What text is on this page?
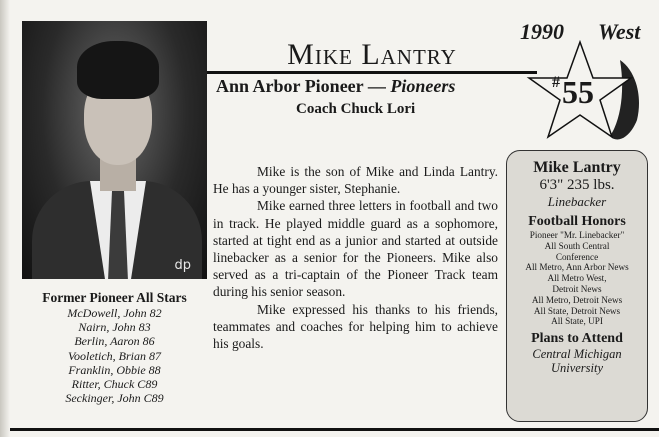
dp
1990 West
#55
Mike Lantry
Ann Arbor Pioneer — Pioneers
Coach Chuck Lori

Mike is the son of Mike and Linda Lantry. He has a younger sister, Stephanie.

Mike earned three letters in football and two in track. He played middle guard as a sophomore, started at tight end as a junior and started at outside linebacker as a senior for the Pioneers. Mike also served as a tri-captain of the Pioneer Track team during his senior season.

Mike expressed his thanks to his friends, teammates and coaches for helping him to achieve his goals.

Mike Lantry
6'3" 235 lbs.
Linebacker
Football Honors
Pioneer "Mr. Linebacker"
All South Central
Conference
All Metro, Ann Arbor News
All Metro West,
Detroit News
All Metro, Detroit News
All State, Detroit News
All State, UPI
Plans to Attend
Central Michigan
University
Former Pioneer All Stars
McDowell, John 82
Nairn, John 83
Berlin, Aaron 86
Vooletich, Brian 87
Franklin, Obbie 88
Ritter, Chuck C89
Seckinger, John C89
